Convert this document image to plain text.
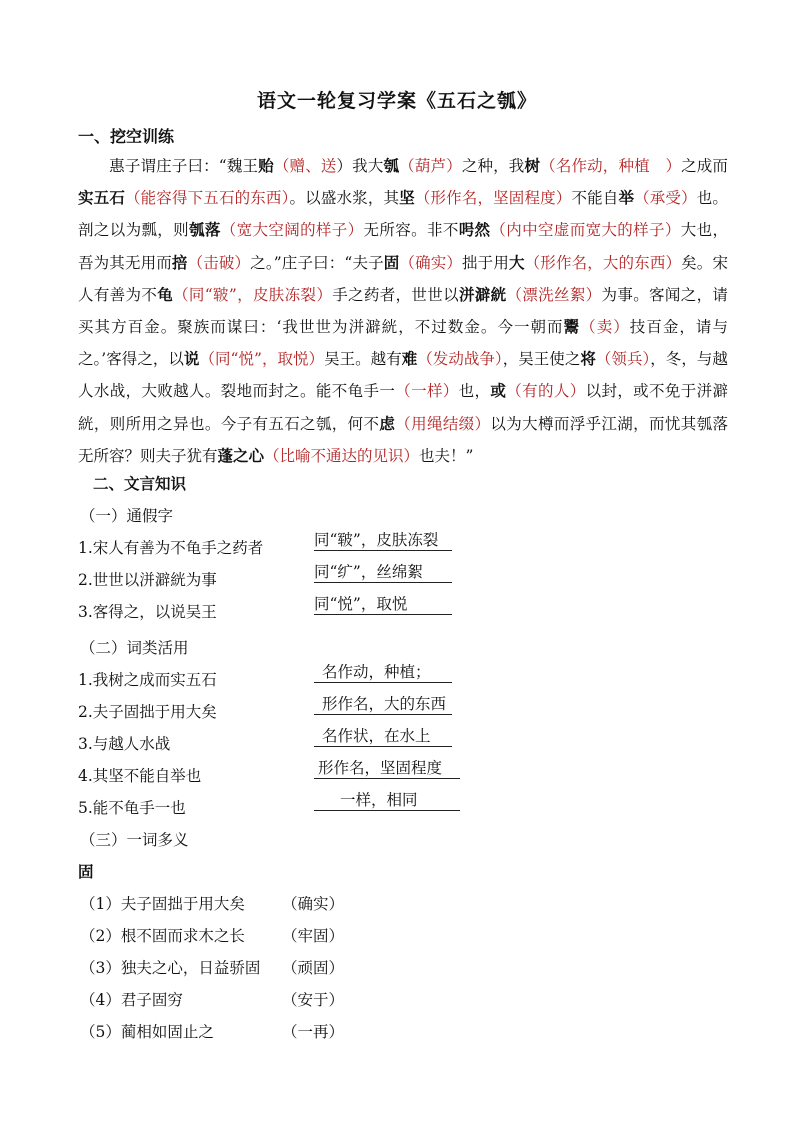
语文一轮复习学案《五石之瓠》
一、挖空训练
惠子谓庄子曰：“魏王贻（赠、送）我大瓠（葫芦）之种，我树（名作动，种植　）之成而实五石（能容得下五石的东西）。以盛水浆，其坚（形作名，坚固程度）不能自举（承受）也。剖之以为瓢，则瓠落（宽大空阔的样子）无所容。非不呺然（内中空虚而宽大的样子）大也，吾为其无用而掊（击破）之。”庄子曰：“夫子固（确实）拙于用大（形作名，大的东西）矣。宋人有善为不龟（同“皲”，皮肤冻裂）手之药者，世世以洴澼絖（漂洗丝絮）为事。客闻之，请买其方百金。聚族而谋曰：‘我世世为洴澼絖，不过数金。今一朝而鬻（卖）技百金，请与之。’客得之，以说（同“悦”，取悦）吴王。越有难（发动战争），吴王使之将（领兵），冬，与越人水战，大败越人。裂地而封之。能不龟手一（一样）也，或（有的人）以封，或不免于洴澼絖，则所用之异也。今子有五石之瓠，何不虑（用绳结缀）以为大樽而浮乎江湖，而忧其瓠落无所容？则夫子犹有蓬之心（比喻不通达的见识）也夫！”
二、文言知识
（一）通假字
1.宋人有善为不龟手之药者	同“皲”，皮肤冻裂
2.世世以洴澼絖为事	同“纩”，丝绵絮
3.客得之，以说吴王	同“悦”，取悦
（二）词类活用
1.我树之成而实五石	名作动，种植；
2.夫子固拙于用大矣	形作名，大的东西
3.与越人水战	名作状，在水上
4.其坚不能自举也	形作名，坚固程度
5.能不龟手一也	一样，相同
（三）一词多义
固
（1）夫子固拙于用大矣 （确实）
（2）根不固而求木之长 （牢固）
（3）独夫之心，日益骄固 （顽固）
（4）君子固穷	（安于）
（5）蔺相如固止之	（一再）
